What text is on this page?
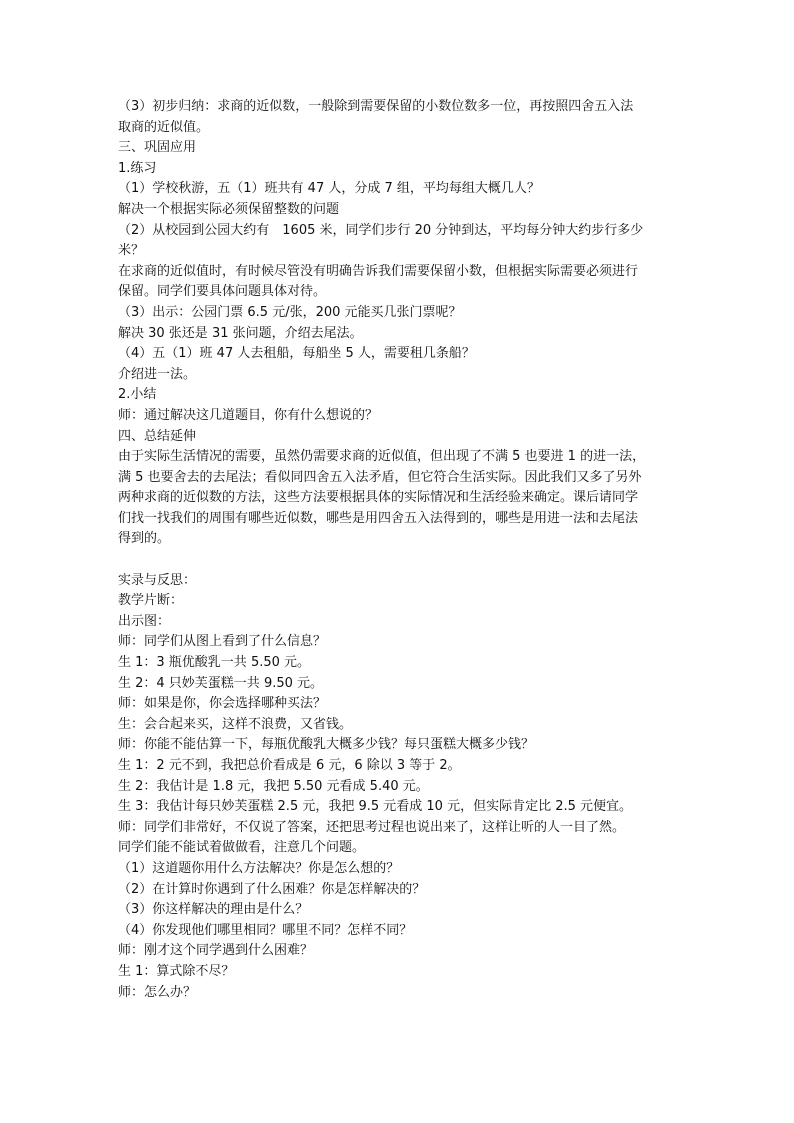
（3）初步归纳：求商的近似数，一般除到需要保留的小数位数多一位，再按照四舍五入法
取商的近似值。
三、巩固应用
1.练习
（1）学校秋游，五（1）班共有 47 人，分成 7 组，平均每组大概几人？
解决一个根据实际必须保留整数的问题
（2）从校园到公园大约有　1605 米，同学们步行 20 分钟到达，平均每分钟大约步行多少
米？
在求商的近似值时，有时候尽管没有明确告诉我们需要保留小数，但根据实际需要必须进行
保留。同学们要具体问题具体对待。
（3）出示：公园门票 6.5 元/张，200 元能买几张门票呢？
解决 30 张还是 31 张问题，介绍去尾法。
（4）五（1）班 47 人去租船，每船坐 5 人，需要租几条船？
介绍进一法。
2.小结
师：通过解决这几道题目，你有什么想说的？
四、总结延伸
由于实际生活情况的需要，虽然仍需要求商的近似值，但出现了不满 5 也要进 1 的进一法，
满 5 也要舍去的去尾法；看似同四舍五入法矛盾，但它符合生活实际。因此我们又多了另外
两种求商的近似数的方法，这些方法要根据具体的实际情况和生活经验来确定。课后请同学
们找一找我们的周围有哪些近似数，哪些是用四舍五入法得到的，哪些是用进一法和去尾法
得到的。
实录与反思：
教学片断：
出示图：
师：同学们从图上看到了什么信息？
生 1：3 瓶优酸乳一共 5.50 元。
生 2：4 只妙芙蛋糕一共 9.50 元。
师：如果是你，你会选择哪种买法？
生：会合起来买，这样不浪费，又省钱。
师：你能不能估算一下，每瓶优酸乳大概多少钱？每只蛋糕大概多少钱？
生 1：2 元不到，我把总价看成是 6 元，6 除以 3 等于 2。
生 2：我估计是 1.8 元，我把 5.50 元看成 5.40 元。
生 3：我估计每只妙芙蛋糕 2.5 元，我把 9.5 元看成 10 元，但实际肯定比 2.5 元便宜。
师：同学们非常好，不仅说了答案，还把思考过程也说出来了，这样让听的人一目了然。
同学们能不能试着做做看，注意几个问题。
（1）这道题你用什么方法解决？你是怎么想的？
（2）在计算时你遇到了什么困难？你是怎样解决的？
（3）你这样解决的理由是什么？
（4）你发现他们哪里相同？哪里不同？怎样不同？
师：刚才这个同学遇到什么困难？
生 1：算式除不尽？
师：怎么办？
